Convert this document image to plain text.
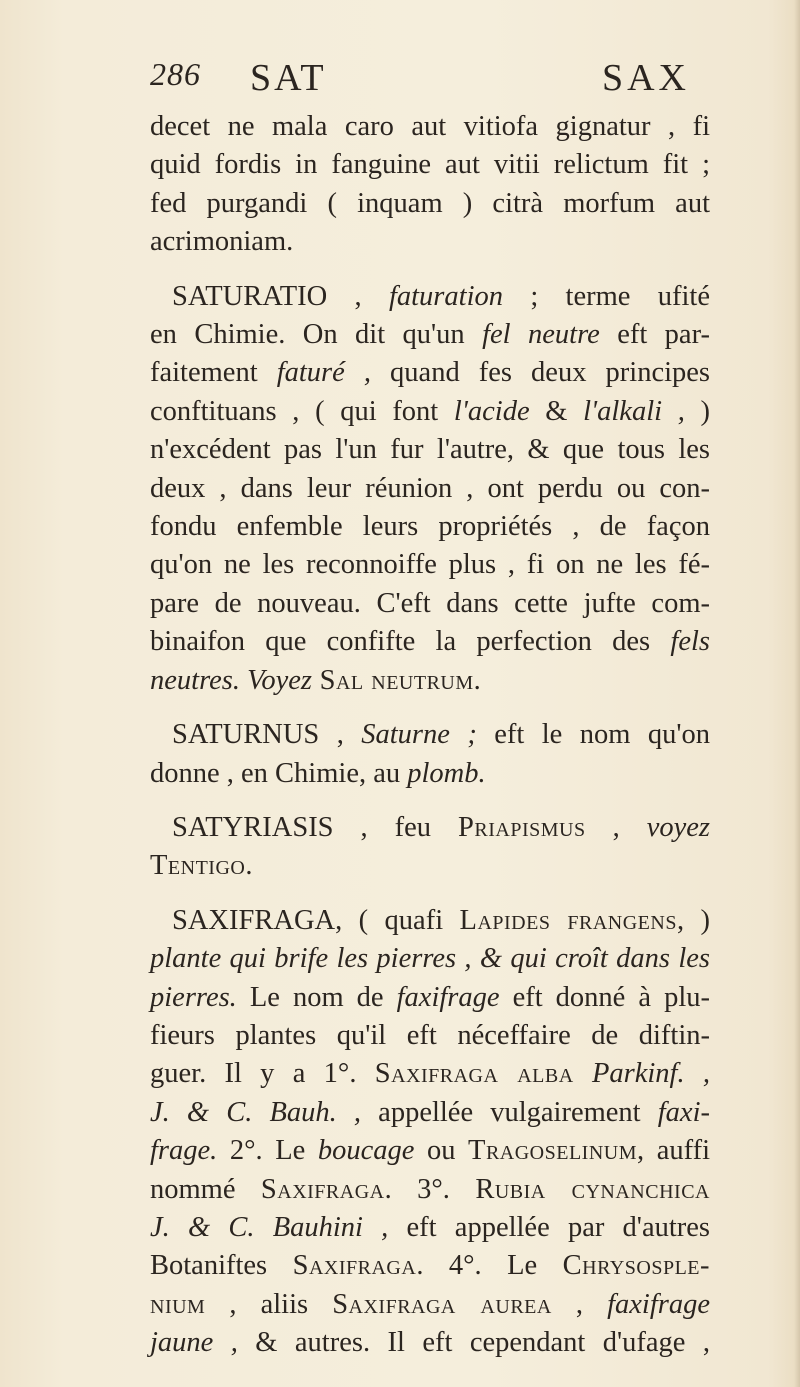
286 SAT	SAX
decet ne mala caro aut vitiofa gignatur , fi
quid fordis in fanguine aut vitii relictum fit ;
fed purgandi ( inquam ) citrà morfum aut
acrimoniam.
SATURATIO , faturation ; terme ufité
en Chimie. On dit qu'un fel neutre eft par-
faitement faturé , quand fes deux principes
conftituans , ( qui font l'acide & l'alkali , )
n'excédent pas l'un fur l'autre, & que tous les
deux , dans leur réunion , ont perdu ou con-
fondu enfemble leurs propriétés , de façon
qu'on ne les reconnoiffe plus , fi on ne les fé-
pare de nouveau. C'eft dans cette jufte com-
binaifon que confifte la perfection des fels
neutres. Voyez Sal neutrum.
SATURNUS , Saturne ; eft le nom qu'on
donne , en Chimie, au plomb.
SATYRIASIS , feu Priapismus , voyez
Tentigo.
SAXIFRAGA, ( quafi Lapides frangens, )
plante qui brife les pierres , & qui croît dans les
pierres. Le nom de faxifrage eft donné à plu-
fieurs plantes qu'il eft néceffaire de diftin-
guer. Il y a 1°. Saxifraga alba Parkinf. ,
J. & C. Bauh. , appellée vulgairement faxi-
frage. 2°. Le boucage ou Tragoselinum, auffi
nommé Saxifraga. 3°. Rubia cynanchica
J. & C. Bauhini , eft appellée par d'autres
Botaniftes Saxifraga. 4°. Le Chrysosple-
nium , aliis Saxifraga aurea , faxifrage
jaune , & autres. Il eft cependant d'ufage ,
